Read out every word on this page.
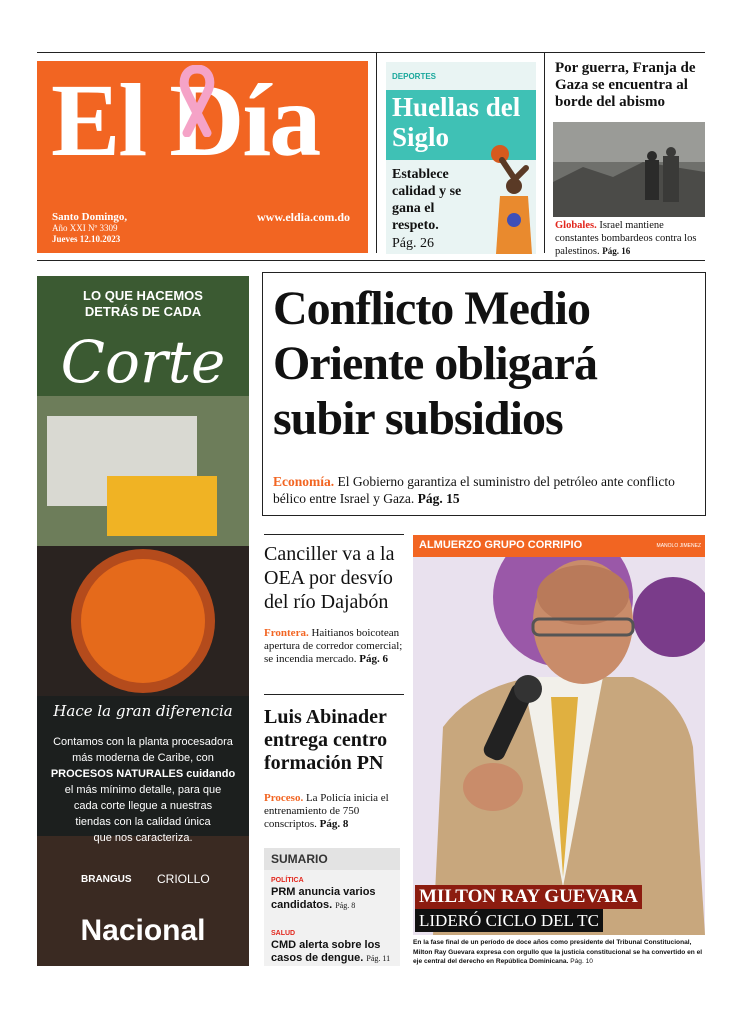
El Día
Santo Domingo,
Año XXI Nº 3309
Jueves 12.10.2023
www.eldia.com.do
DEPORTES
Huellas del Siglo
Establece calidad y se gana el respeto.
Pág. 26
Por guerra, Franja de Gaza se encuentra al borde del abismo
Globales. Israel mantiene constantes bombardeos contra los palestinos. Pág. 16
LO QUE HACEMOS
DETRÁS DE CADA
Corte
Hace la gran diferencia
Contamos con la planta procesadora
más moderna de Caribe, con
PROCESOS NATURALES cuidando
el más mínimo detalle, para que
cada corte llegue a nuestras
tiendas con la calidad única
que nos caracteriza.
BRANGUS CRIOLLO
Nacional
Conflicto Medio Oriente obligará subir subsidios
Economía. El Gobierno garantiza el suministro del petróleo ante conflicto bélico entre Israel y Gaza. Pág. 15
Canciller va a la OEA por desvío del río Dajabón
Frontera. Haitianos boicotean apertura de corredor comercial; se incendia mercado. Pág. 6
Luis Abinader entrega centro formación PN
Proceso. La Policía inicia el entrenamiento de 750 conscriptos. Pág. 8
SUMARIO
POLÍTICA
PRM anuncia varios candidatos. Pág. 8
SALUD
CMD alerta sobre los casos de dengue. Pág. 11
ALMUERZO GRUPO CORRIPIO	MANOLO JIMENEZ
MILTON RAY GUEVARA
LIDERÓ CICLO DEL TC
En la fase final de un período de doce años como presidente del Tribunal Constitucional, Milton Ray Guevara expresa con orgullo que la justicia constitucional se ha convertido en el eje central del derecho en República Dominicana. Pág. 10
